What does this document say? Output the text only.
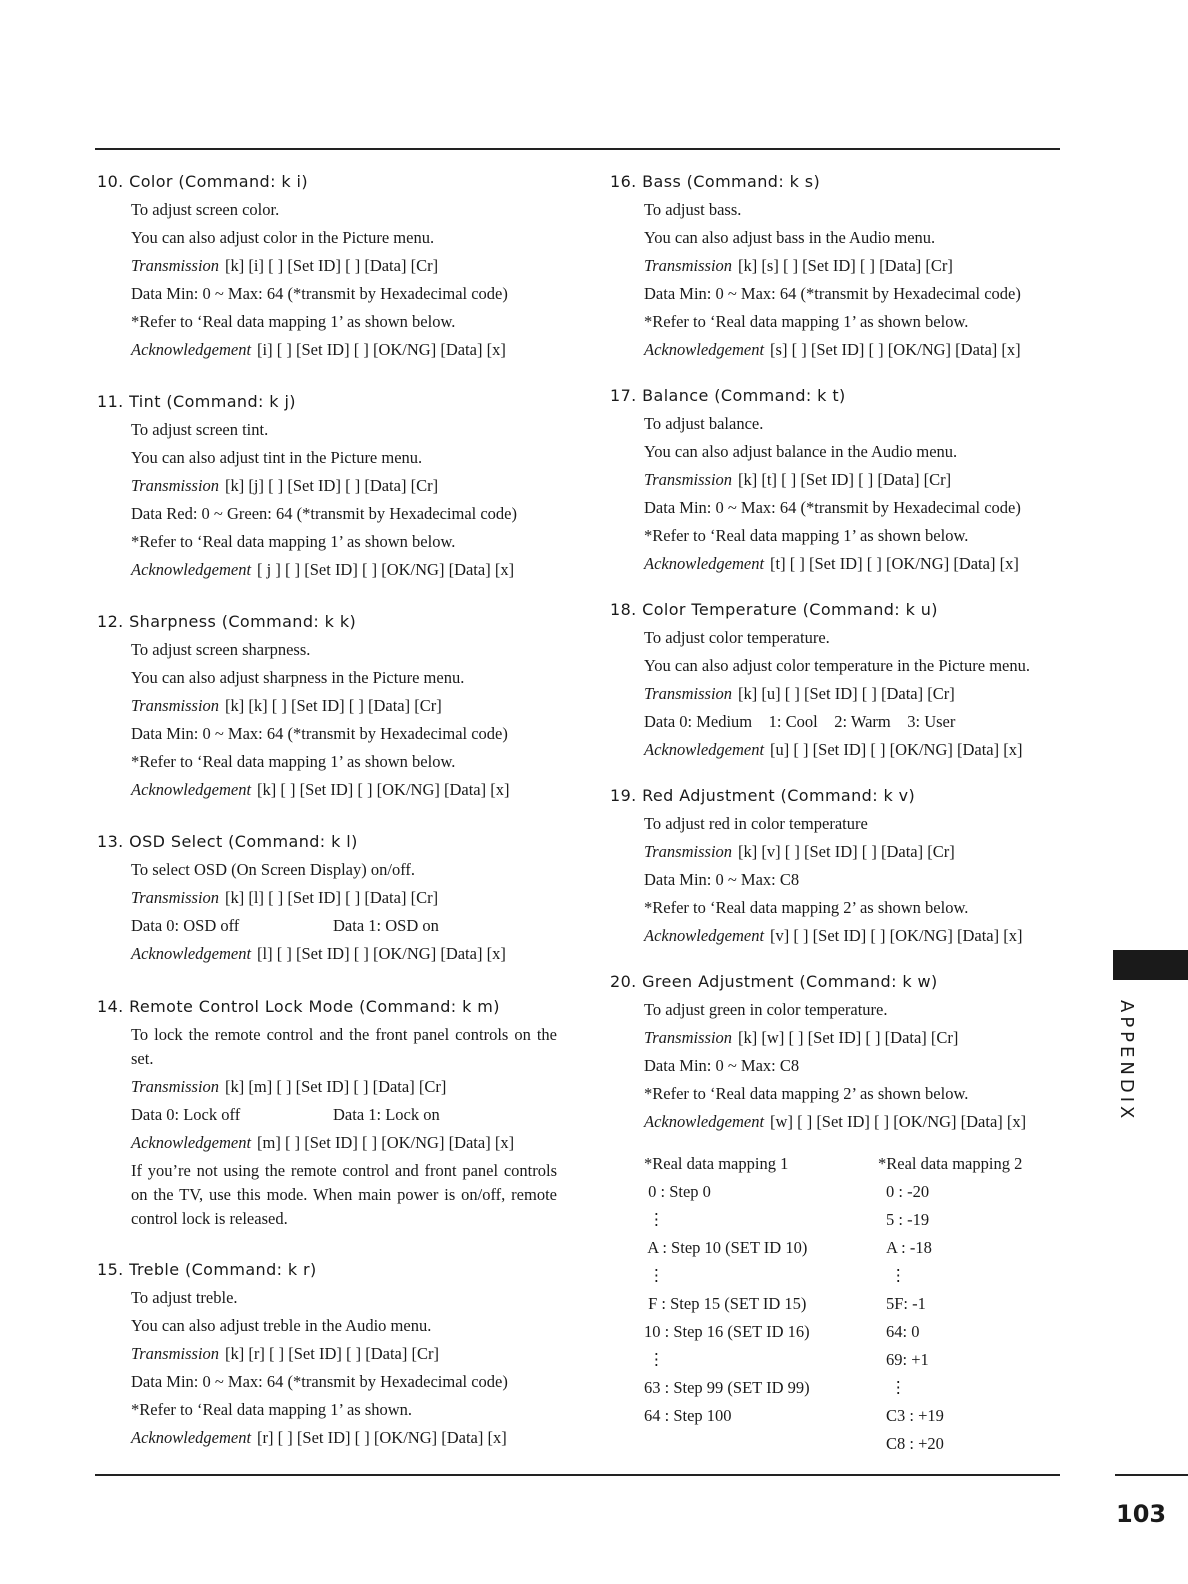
10. Color (Command: k i)
To adjust screen color.
You can also adjust color in the Picture menu.
Transmission [k] [i] [ ] [Set ID] [ ] [Data] [Cr]
Data Min: 0 ~ Max: 64 (*transmit by Hexadecimal code)
*Refer to ‘Real data mapping 1’ as shown below.
Acknowledgement [i] [ ] [Set ID] [ ] [OK/NG] [Data] [x]
11. Tint (Command: k j)
To adjust screen tint.
You can also adjust tint in the Picture menu.
Transmission [k] [j] [ ] [Set ID] [ ] [Data] [Cr]
Data Red: 0 ~ Green: 64 (*transmit by Hexadecimal code)
*Refer to ‘Real data mapping 1’ as shown below.
Acknowledgement [ j ] [ ] [Set ID] [ ] [OK/NG] [Data] [x]
12. Sharpness (Command: k k)
To adjust screen sharpness.
You can also adjust sharpness in the Picture menu.
Transmission [k] [k] [ ] [Set ID] [ ] [Data] [Cr]
Data Min: 0 ~ Max: 64 (*transmit by Hexadecimal code)
*Refer to ‘Real data mapping 1’ as shown below.
Acknowledgement [k] [ ] [Set ID] [ ] [OK/NG] [Data] [x]
13. OSD Select (Command: k l)
To select OSD (On Screen Display) on/off.
Transmission [k] [l] [ ] [Set ID] [ ] [Data] [Cr]
Data 0: OSD off	Data 1: OSD on
Acknowledgement [l] [ ] [Set ID] [ ] [OK/NG] [Data] [x]
14. Remote Control Lock Mode (Command: k m)
To lock the remote control and the front panel controls on the set.
Transmission [k] [m] [ ] [Set ID] [ ] [Data] [Cr]
Data 0: Lock off	Data 1: Lock on
Acknowledgement [m] [ ] [Set ID] [ ] [OK/NG] [Data] [x]
If you’re not using the remote control and front panel controls on the TV, use this mode. When main power is on/off, remote control lock is released.
15. Treble (Command: k r)
To adjust treble.
You can also adjust treble in the Audio menu.
Transmission [k] [r] [ ] [Set ID] [ ] [Data] [Cr]
Data Min: 0 ~ Max: 64 (*transmit by Hexadecimal code)
*Refer to ‘Real data mapping 1’ as shown.
Acknowledgement [r] [ ] [Set ID] [ ] [OK/NG] [Data] [x]
16. Bass (Command: k s)
To adjust bass.
You can also adjust bass in the Audio menu.
Transmission [k] [s] [ ] [Set ID] [ ] [Data] [Cr]
Data Min: 0 ~ Max: 64 (*transmit by Hexadecimal code)
*Refer to ‘Real data mapping 1’ as shown below.
Acknowledgement [s] [ ] [Set ID] [ ] [OK/NG] [Data] [x]
17. Balance (Command: k t)
To adjust balance.
You can also adjust balance in the Audio menu.
Transmission [k] [t] [ ] [Set ID] [ ] [Data] [Cr]
Data Min: 0 ~ Max: 64 (*transmit by Hexadecimal code)
*Refer to ‘Real data mapping 1’ as shown below.
Acknowledgement [t] [ ] [Set ID] [ ] [OK/NG] [Data] [x]
18. Color Temperature (Command: k u)
To adjust color temperature.
You can also adjust color temperature in the Picture menu.
Transmission [k] [u] [ ] [Set ID] [ ] [Data] [Cr]
Data 0: Medium    1: Cool    2: Warm    3: User
Acknowledgement [u] [ ] [Set ID] [ ] [OK/NG] [Data] [x]
19. Red Adjustment (Command: k v)
To adjust red in color temperature
Transmission [k] [v] [ ] [Set ID] [ ] [Data] [Cr]
Data Min: 0 ~ Max: C8
*Refer to ‘Real data mapping 2’ as shown below.
Acknowledgement [v] [ ] [Set ID] [ ] [OK/NG] [Data] [x]
20. Green Adjustment (Command: k w)
To adjust green in color temperature.
Transmission [k] [w] [ ] [Set ID] [ ] [Data] [Cr]
Data Min: 0 ~ Max: C8
*Refer to ‘Real data mapping 2’ as shown below.
Acknowledgement [w] [ ] [Set ID] [ ] [OK/NG] [Data] [x]
*Real data mapping 1
0 : Step 0
⋮
A : Step 10 (SET ID 10)
⋮
F : Step 15 (SET ID 15)
10 : Step 16 (SET ID 16)
⋮
63 : Step 99 (SET ID 99)
64 : Step 100
*Real data mapping 2
0 : -20
5 : -19
A : -18
⋮
5F: -1
64: 0
69: +1
⋮
C3 : +19
C8 : +20
APPENDIX
103
